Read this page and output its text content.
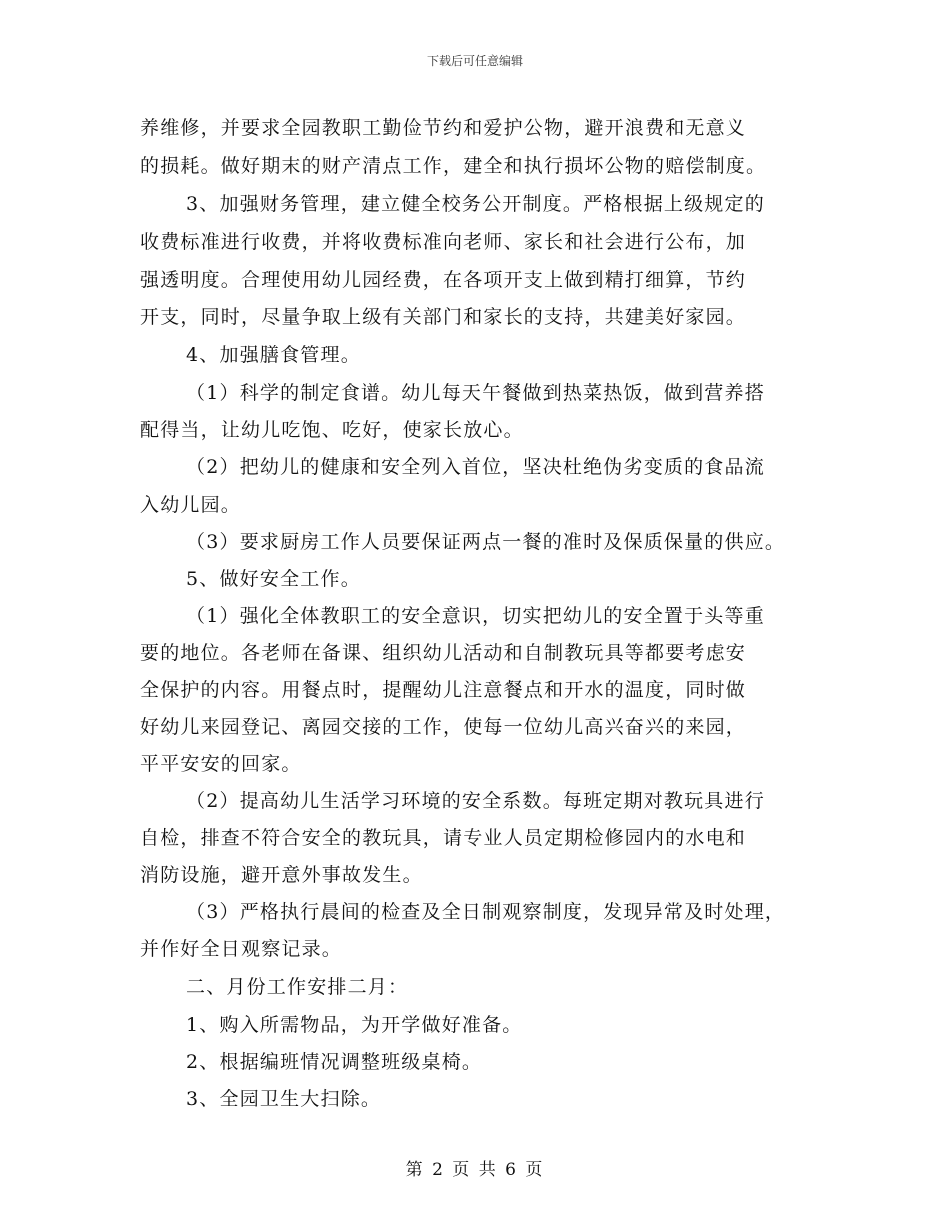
下载后可任意编辑
养维修，并要求全园教职工勤俭节约和爱护公物，避开浪费和无意义
的损耗。做好期末的财产清点工作，建全和执行损坏公物的赔偿制度。
3、加强财务管理，建立健全校务公开制度。严格根据上级规定的
收费标准进行收费，并将收费标准向老师、家长和社会进行公布，加
强透明度。合理使用幼儿园经费，在各项开支上做到精打细算，节约
开支，同时，尽量争取上级有关部门和家长的支持，共建美好家园。
4、加强膳食管理。
（1）科学的制定食谱。幼儿每天午餐做到热菜热饭，做到营养搭
配得当，让幼儿吃饱、吃好，使家长放心。
（2）把幼儿的健康和安全列入首位，坚决杜绝伪劣变质的食品流
入幼儿园。
（3）要求厨房工作人员要保证两点一餐的准时及保质保量的供应。
5、做好安全工作。
（1）强化全体教职工的安全意识，切实把幼儿的安全置于头等重
要的地位。各老师在备课、组织幼儿活动和自制教玩具等都要考虑安
全保护的内容。用餐点时，提醒幼儿注意餐点和开水的温度，同时做
好幼儿来园登记、离园交接的工作，使每一位幼儿高兴奋兴的来园，
平平安安的回家。
（2）提高幼儿生活学习环境的安全系数。每班定期对教玩具进行
自检，排查不符合安全的教玩具，请专业人员定期检修园内的水电和
消防设施，避开意外事故发生。
（3）严格执行晨间的检查及全日制观察制度，发现异常及时处理，
并作好全日观察记录。
二、月份工作安排二月：
1、购入所需物品，为开学做好准备。
2、根据编班情况调整班级桌椅。
3、全园卫生大扫除。
第 2 页 共 6 页
